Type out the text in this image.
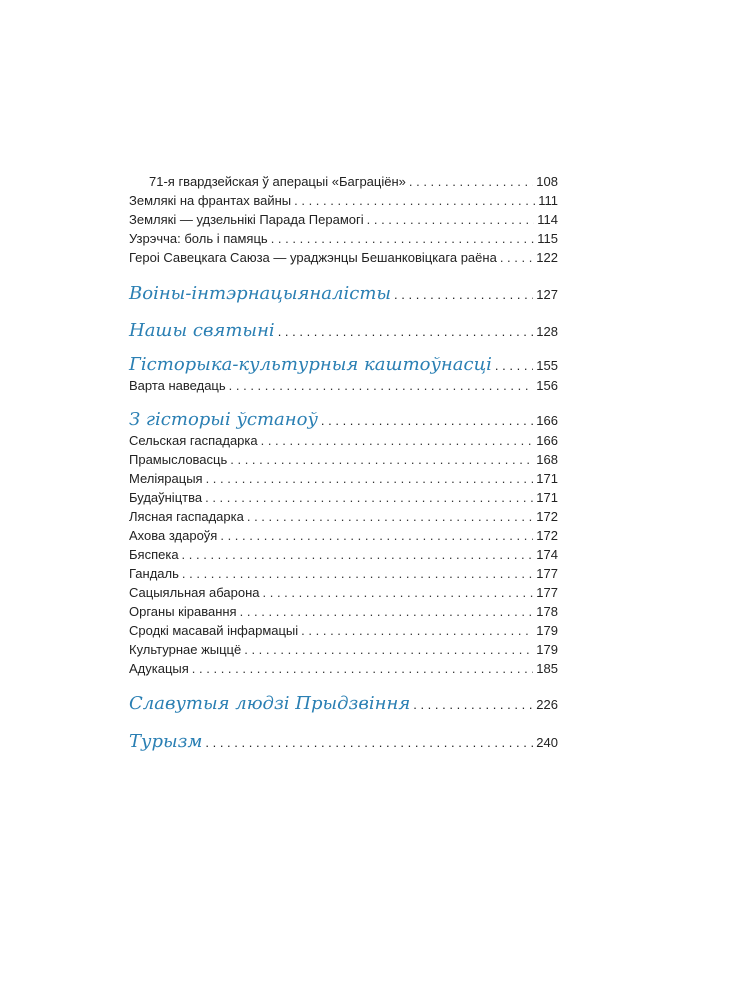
71-я гвардзейская ў аперацыі «Баграціён» . . .	108
Землякі на франтах вайны . . .	111
Землякі — удзельнікі Парада Перамогі . . .	114
Узрэчча: боль і памяць . . .	115
Героі Савецкага Саюза — ураджэнцы Бешанковіцкага раёна . . .	122
Воіны-інтэрнацыяналісты . . .	127
Нашы святыні . . .	128
Гісторыка-культурныя каштоўнасці . . .	155
Варта наведаць . . .	156
З гісторыі ўстаноў . . .	166
Сельская гаспадарка . . .	166
Прамысловасць . . .	168
Меліярацыя . . .	171
Будаўніцтва . . .	171
Лясная гаспадарка . . .	172
Ахова здароўя . . .	172
Бяспека . . .	174
Гандаль . . .	177
Сацыяльная абарона . . .	177
Органы кіравання . . .	178
Сродкі масавай інфармацыі . . .	179
Культурнае жыццё . . .	179
Адукацыя . . .	185
Славутыя людзі Прыдзвіння . . .	226
Турызм . . .	240
